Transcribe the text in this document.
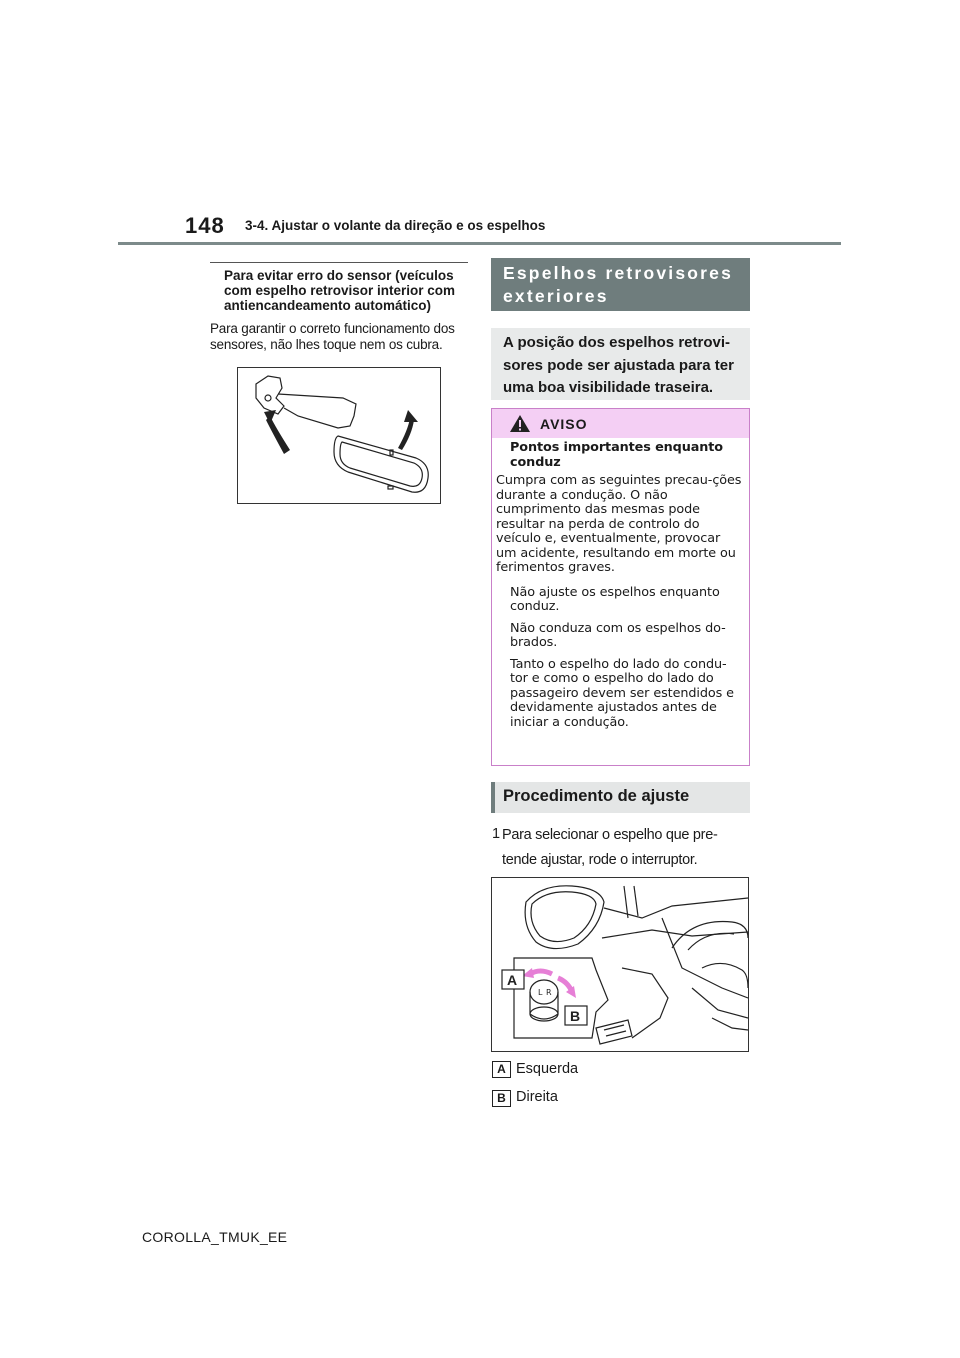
148 3-4. Ajustar o volante da direção e os espelhos
Para evitar erro do sensor (veículos com espelho retrovisor interior com antiencandeamento automático)
Para garantir o correto funcionamento dos sensores, não lhes toque nem os cubra.
Espelhos retrovisores
exteriores
A posição dos espelhos retrovi-
sores pode ser ajustada para ter
uma boa visibilidade traseira.
AVISO
Pontos importantes enquanto conduz
Cumpra com as seguintes precau-ções durante a condução. O não cumprimento das mesmas pode resultar na perda de controlo do veículo e, eventualmente, provocar um acidente, resultando em morte ou ferimentos graves.
Não ajuste os espelhos enquanto conduz.
Não conduza com os espelhos do-brados.
Tanto o espelho do lado do condu-tor e como o espelho do lado do passageiro devem ser estendidos e devidamente ajustados antes de iniciar a condução.
Procedimento de ajuste
1 Para selecionar o espelho que pre-tende ajustar, rode o interruptor.
L R
A
B
A Esquerda
B Direita
COROLLA_TMUK_EE
